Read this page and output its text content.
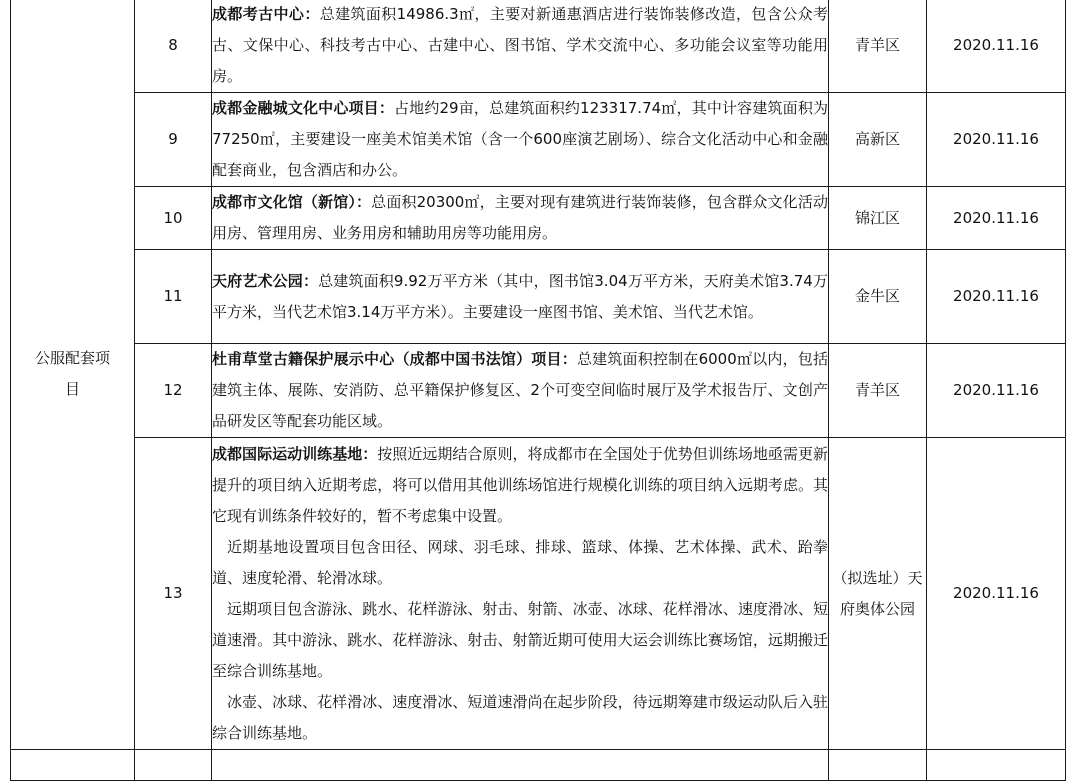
公服配套项目	8	成都考古中心：总建筑面积14986.3㎡，主要对新通惠酒店进行装饰装修改造，包含公众考古、文保中心、科技考古中心、古建中心、图书馆、学术交流中心、多功能会议室等功能用房。	青羊区	2020.11.16
	9	成都金融城文化中心项目：占地约29亩，总建筑面积约123317.74㎡，其中计容建筑面积为77250㎡，主要建设一座美术馆美术馆（含一个600座演艺剧场）、综合文化活动中心和金融配套商业，包含酒店和办公。	高新区	2020.11.16
	10	成都市文化馆（新馆）：总面积20300㎡，主要对现有建筑进行装饰装修，包含群众文化活动用房、管理用房、业务用房和辅助用房等功能用房。	锦江区	2020.11.16
	11	天府艺术公园：总建筑面积9.92万平方米（其中，图书馆3.04万平方米，天府美术馆3.74万平方米，当代艺术馆3.14万平方米）。主要建设一座图书馆、美术馆、当代艺术馆。	金牛区	2020.11.16
	12	杜甫草堂古籍保护展示中心（成都中国书法馆）项目：总建筑面积控制在6000㎡以内，包括建筑主体、展陈、安消防、总平籍保护修复区、2个可变空间临时展厅及学术报告厅、文创产品研发区等配套功能区域。	青羊区	2020.11.16
	13	成都国际运动训练基地：按照近远期结合原则，将成都市在全国处于优势但训练场地亟需更新提升的项目纳入近期考虑，将可以借用其他训练场馆进行规模化训练的项目纳入远期考虑。其它现有训练条件较好的，暂不考虑集中设置。
近期基地设置项目包含田径、网球、羽毛球、排球、篮球、体操、艺术体操、武术、跆拳道、速度轮滑、轮滑冰球。
远期项目包含游泳、跳水、花样游泳、射击、射箭、冰壶、冰球、花样滑冰、速度滑冰、短道速滑。其中游泳、跳水、花样游泳、射击、射箭近期可使用大运会训练比赛场馆，远期搬迁至综合训练基地。
冰壶、冰球、花样滑冰、速度滑冰、短道速滑尚在起步阶段，待远期筹建市级运动队后入驻综合训练基地。	（拟选址）天府奥体公园	2020.11.16
